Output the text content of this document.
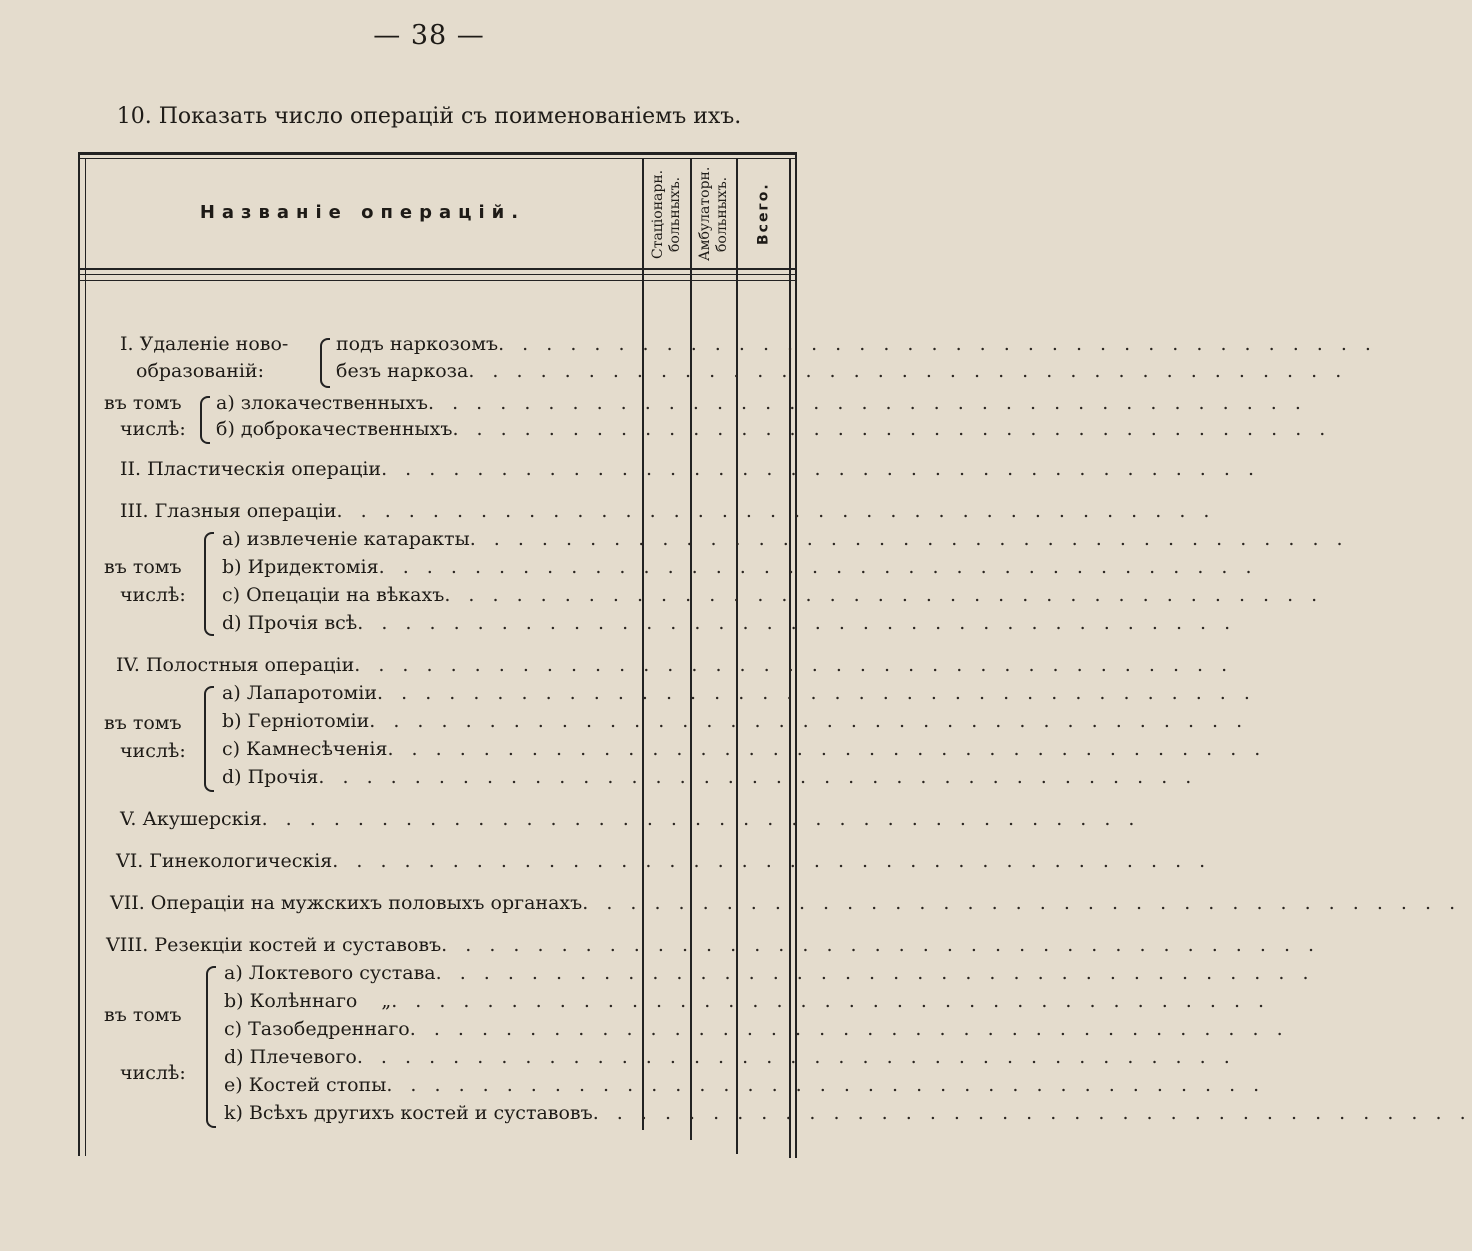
— 38 —
10. Показать число операцій съ поименованіемъ ихъ.
Названіе операцій.	Стаціонарн. больныхъ.	Амбулаторн. больныхъ.	Всего.
I. Удаленіе ново-
образованій:
подъ наркозомъ . . . . . . . . . . . . . . . . . . . . . . . . . . . . . . . . . . . . .
безъ наркоза . . . . . . . . . . . . . . . . . . . . . . . . . . . . . . . . . . . . .
въ томъ
числѣ:
а) злокачественныхъ . . . . . . . . . . . . . . . . . . . . . . . . . . . . . . . . . . . . .
б) доброкачественныхъ . . . . . . . . . . . . . . . . . . . . . . . . . . . . . . . . . . . . .
II. Пластическія операціи . . . . . . . . . . . . . . . . . . . . . . . . . . . . . . . . . . . . .
III. Глазныя операціи . . . . . . . . . . . . . . . . . . . . . . . . . . . . . . . . . . . . .
въ томъ
числѣ:
а) извлеченіе катаракты . . . . . . . . . . . . . . . . . . . . . . . . . . . . . . . . . . . . .
b) Иридектомія . . . . . . . . . . . . . . . . . . . . . . . . . . . . . . . . . . . . .
c) Опецаціи на вѣкахъ . . . . . . . . . . . . . . . . . . . . . . . . . . . . . . . . . . . . .
d) Прочія всѣ . . . . . . . . . . . . . . . . . . . . . . . . . . . . . . . . . . . . .
IV. Полостныя операціи . . . . . . . . . . . . . . . . . . . . . . . . . . . . . . . . . . . . .
въ томъ
числѣ:
а) Лапаротоміи . . . . . . . . . . . . . . . . . . . . . . . . . . . . . . . . . . . . .
b) Герніотоміи . . . . . . . . . . . . . . . . . . . . . . . . . . . . . . . . . . . . .
c) Камнесѣченія . . . . . . . . . . . . . . . . . . . . . . . . . . . . . . . . . . . . .
d) Прочія . . . . . . . . . . . . . . . . . . . . . . . . . . . . . . . . . . . . .
V. Акушерскія . . . . . . . . . . . . . . . . . . . . . . . . . . . . . . . . . . . . .
VI. Гинекологическія . . . . . . . . . . . . . . . . . . . . . . . . . . . . . . . . . . . . .
VII. Операціи на мужскихъ половыхъ органахъ . . . . . . . . . . . . . . . . . . . . . . . . . . . . . . . . . . . . .
VIII. Резекціи костей и суставовъ . . . . . . . . . . . . . . . . . . . . . . . . . . . . . . . . . . . . .
въ томъ
числѣ:
а) Локтевого сустава . . . . . . . . . . . . . . . . . . . . . . . . . . . . . . . . . . . . .
b) Колѣннаго „ . . . . . . . . . . . . . . . . . . . . . . . . . . . . . . . . . . . . .
c) Тазобедреннаго . . . . . . . . . . . . . . . . . . . . . . . . . . . . . . . . . . . . .
d) Плечевого . . . . . . . . . . . . . . . . . . . . . . . . . . . . . . . . . . . . .
е) Костей стопы . . . . . . . . . . . . . . . . . . . . . . . . . . . . . . . . . . . . .
k) Всѣхъ другихъ костей и суставовъ . . . . . . . . . . . . . . . . . . . . . . . . . . . . . . . . . . . . .
